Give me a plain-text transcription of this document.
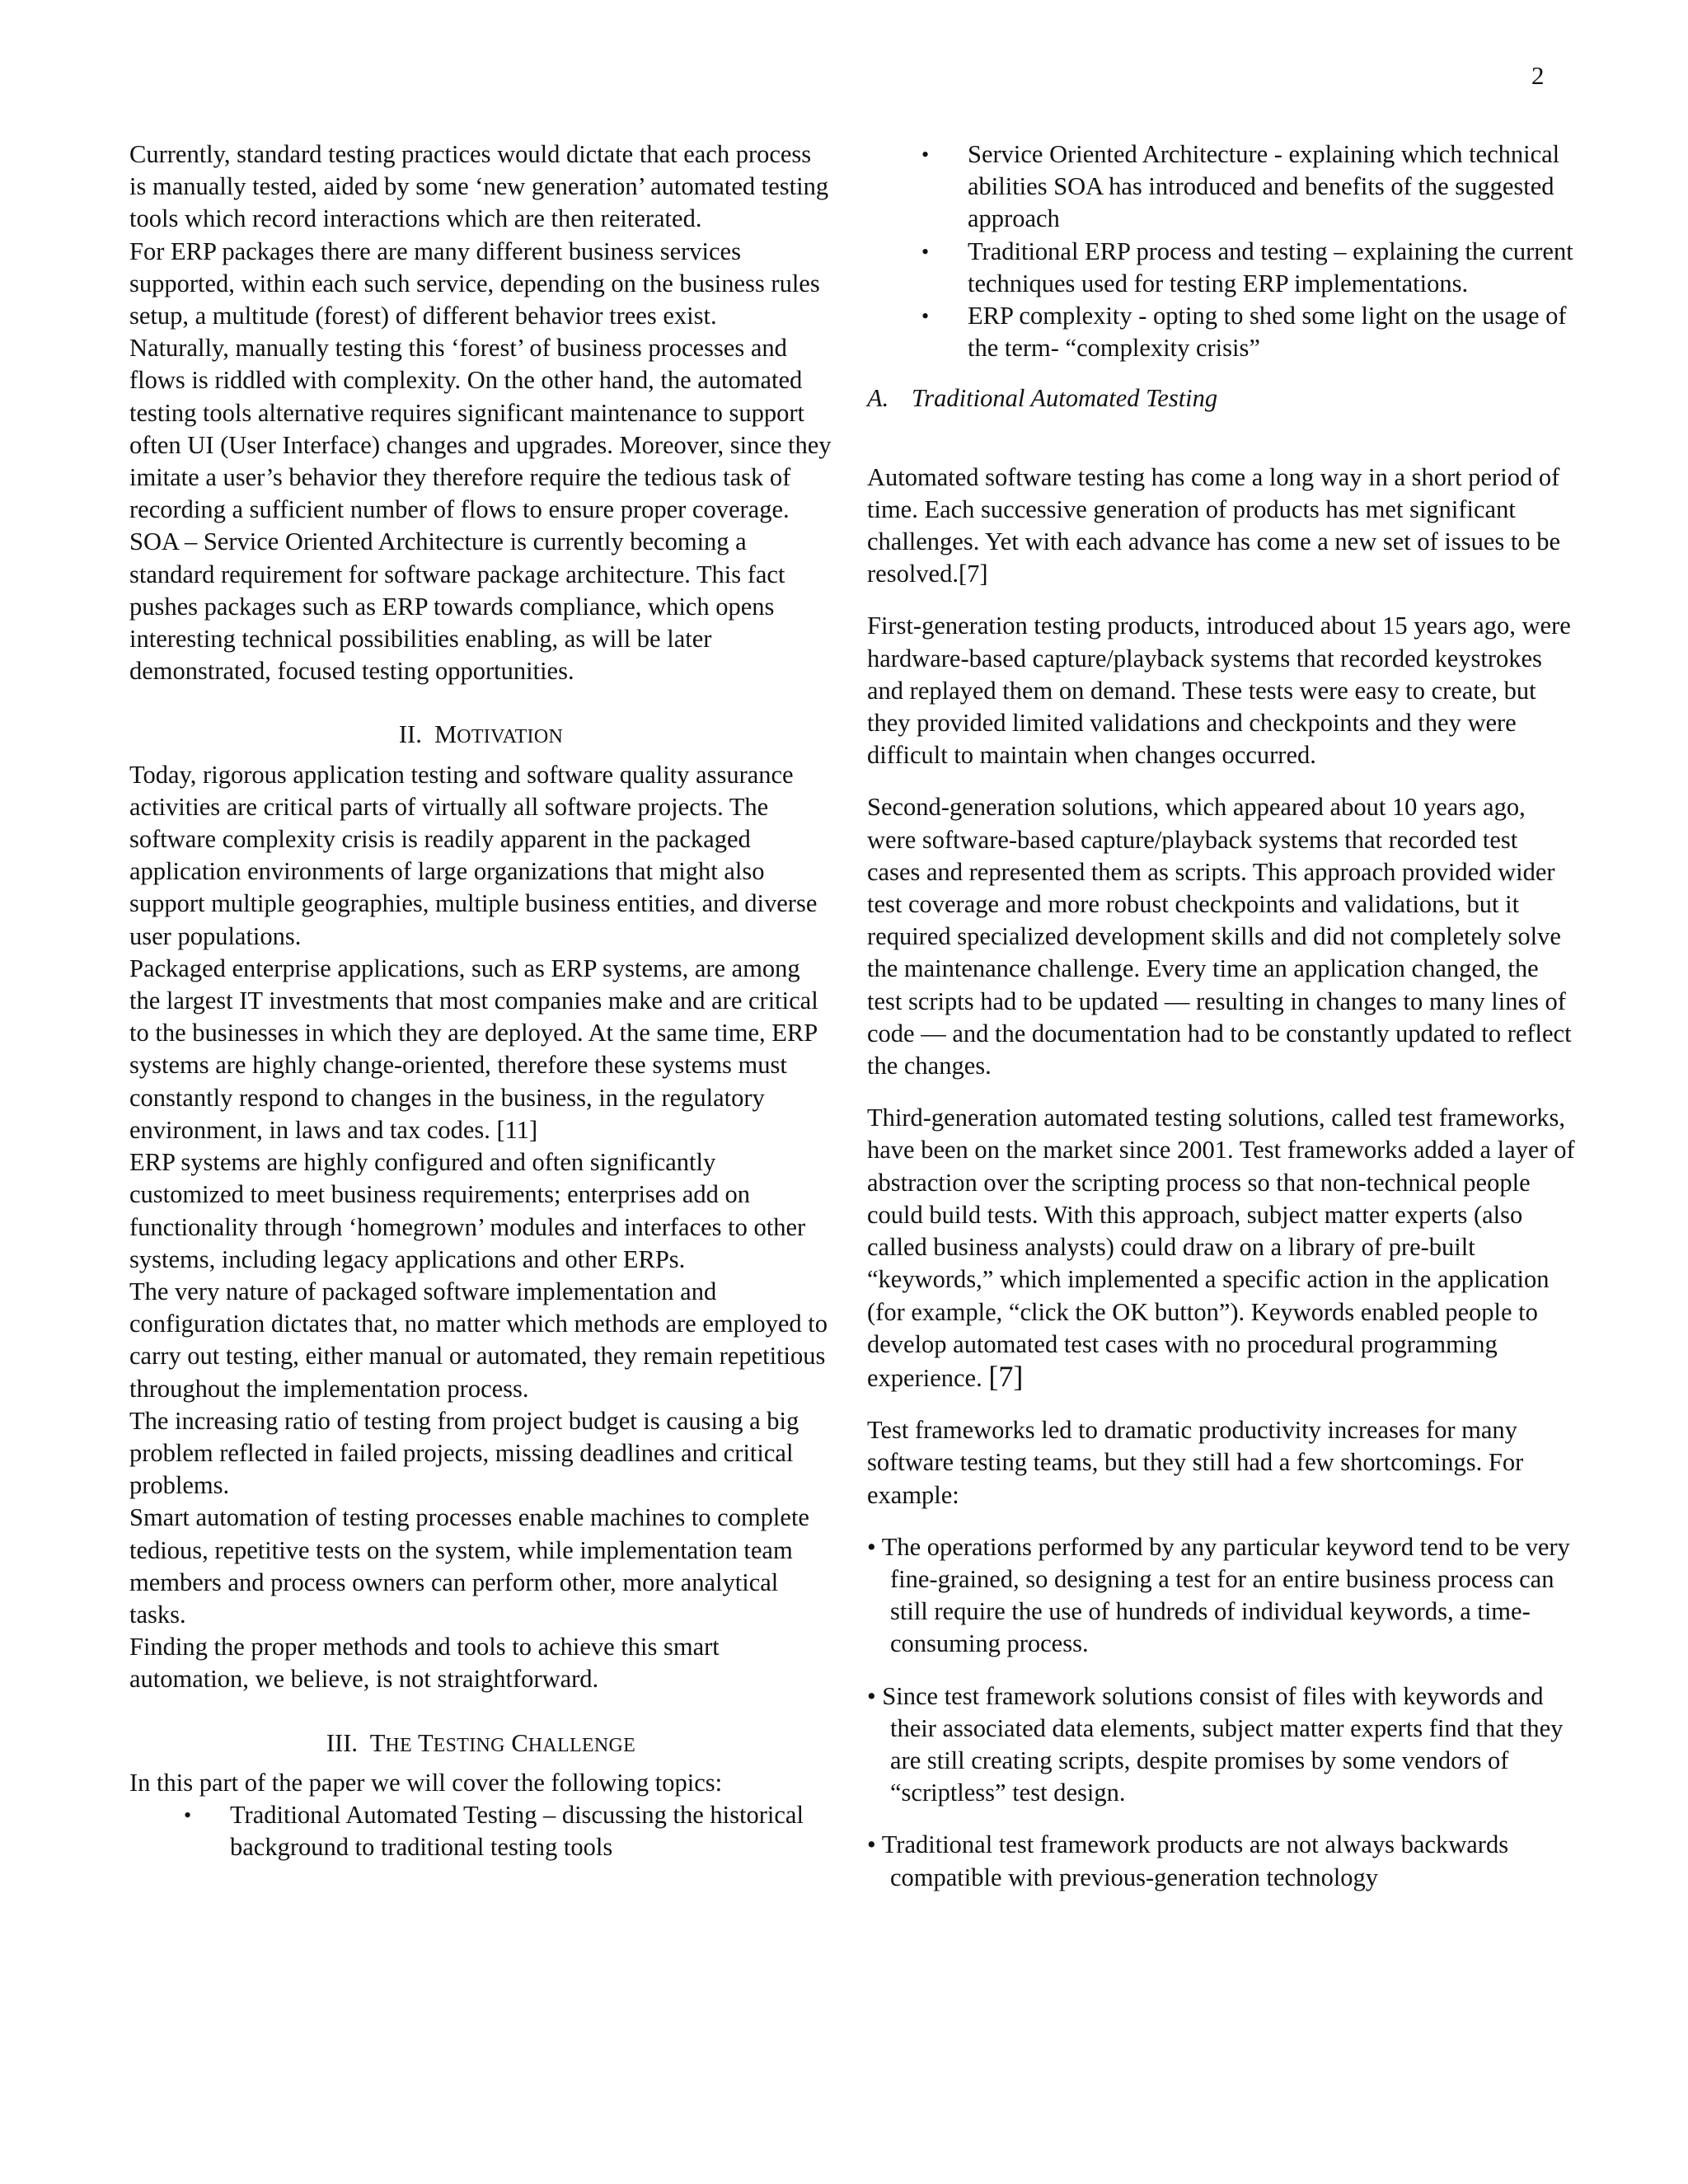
2

Currently, standard testing practices would dictate that each process is manually tested, aided by some ‘new generation’ automated testing tools which record interactions which are then reiterated.

For ERP packages there are many different business services supported, within each such service, depending on the business rules setup, a multitude (forest) of different behavior trees exist.

Naturally, manually testing this ‘forest’ of business processes and flows is riddled with complexity. On the other hand, the automated testing tools alternative requires significant maintenance to support often UI (User Interface) changes and upgrades. Moreover, since they imitate a user’s behavior they therefore require the tedious task of recording a sufficient number of flows to ensure proper coverage.

SOA – Service Oriented Architecture is currently becoming a standard requirement for software package architecture. This fact pushes packages such as ERP towards compliance, which opens interesting technical possibilities enabling, as will be later demonstrated, focused testing opportunities.

II. MOTIVATION

Today, rigorous application testing and software quality assurance activities are critical parts of virtually all software projects. The software complexity crisis is readily apparent in the packaged application environments of large organizations that might also support multiple geographies, multiple business entities, and diverse user populations.

Packaged enterprise applications, such as ERP systems, are among the largest IT investments that most companies make and are critical to the businesses in which they are deployed. At the same time, ERP systems are highly change-oriented, therefore these systems must constantly respond to changes in the business, in the regulatory environment, in laws and tax codes. [11]

ERP systems are highly configured and often significantly customized to meet business requirements; enterprises add on functionality through ‘homegrown’ modules and interfaces to other systems, including legacy applications and other ERPs.

The very nature of packaged software implementation and configuration dictates that, no matter which methods are employed to carry out testing, either manual or automated, they remain repetitious throughout the implementation process.

The increasing ratio of testing from project budget is causing a big problem reflected in failed projects, missing deadlines and critical problems.

Smart automation of testing processes enable machines to complete tedious, repetitive tests on the system, while implementation team members and process owners can perform other, more analytical tasks.

Finding the proper methods and tools to achieve this smart automation, we believe, is not straightforward.

III. THE TESTING CHALLENGE

In this part of the paper we will cover the following topics:

• Traditional Automated Testing – discussing the historical background to traditional testing tools
• Service Oriented Architecture - explaining which technical abilities SOA has introduced and benefits of the suggested approach
• Traditional ERP process and testing – explaining the current techniques used for testing ERP implementations.
• ERP complexity - opting to shed some light on the usage of the term- “complexity crisis”
A. Traditional Automated Testing

Automated software testing has come a long way in a short period of time. Each successive generation of products has met significant challenges. Yet with each advance has come a new set of issues to be resolved.[7]

First-generation testing products, introduced about 15 years ago, were hardware-based capture/playback systems that recorded keystrokes and replayed them on demand. These tests were easy to create, but they provided limited validations and checkpoints and they were difficult to maintain when changes occurred.

Second-generation solutions, which appeared about 10 years ago, were software-based capture/playback systems that recorded test cases and represented them as scripts. This approach provided wider test coverage and more robust checkpoints and validations, but it required specialized development skills and did not completely solve the maintenance challenge. Every time an application changed, the test scripts had to be updated — resulting in changes to many lines of code — and the documentation had to be constantly updated to reflect the changes.

Third-generation automated testing solutions, called test frameworks, have been on the market since 2001. Test frameworks added a layer of abstraction over the scripting process so that non-technical people could build tests. With this approach, subject matter experts (also called business analysts) could draw on a library of pre-built “keywords,” which implemented a specific action in the application (for example, “click the OK button”). Keywords enabled people to develop automated test cases with no procedural programming experience. [7]

Test frameworks led to dramatic productivity increases for many software testing teams, but they still had a few shortcomings. For example:

• The operations performed by any particular keyword tend to be very fine-grained, so designing a test for an entire business process can still require the use of hundreds of individual keywords, a time-consuming process.

• Since test framework solutions consist of files with keywords and their associated data elements, subject matter experts find that they are still creating scripts, despite promises by some vendors of “scriptless” test design.

• Traditional test framework products are not always backwards compatible with previous-generation technology
